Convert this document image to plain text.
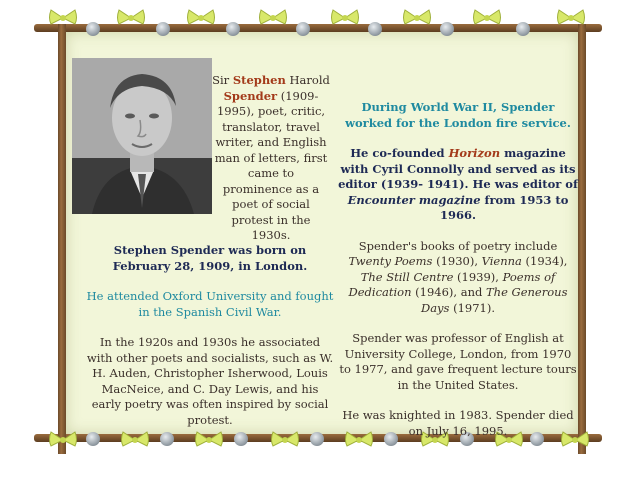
Sir Stephen Harold Spender (1909-1995), poet, critic, translator, travel writer, and English man of letters, first came to prominence as a poet of social protest in the 1930s.

Stephen Spender was born on February 28, 1909, in London.

He attended Oxford University and fought in the Spanish Civil War.

In the 1920s and 1930s he associated with other poets and socialists, such as W. H. Auden, Christopher Isherwood, Louis MacNeice, and C. Day Lewis, and his early poetry was often inspired by social protest.

During World War II, Spender worked for the London fire service.

He co-founded Horizon magazine with Cyril Connolly and served as its editor (1939- 1941). He was editor of Encounter magazine from 1953 to 1966.

Spender's books of poetry include Twenty Poems (1930), Vienna (1934), The Still Centre (1939), Poems of Dedication (1946), and The Generous Days (1971).

Spender was professor of English at University College, London, from 1970 to 1977, and gave frequent lecture tours in the United States.

He was knighted in 1983. Spender died on July 16, 1995.
